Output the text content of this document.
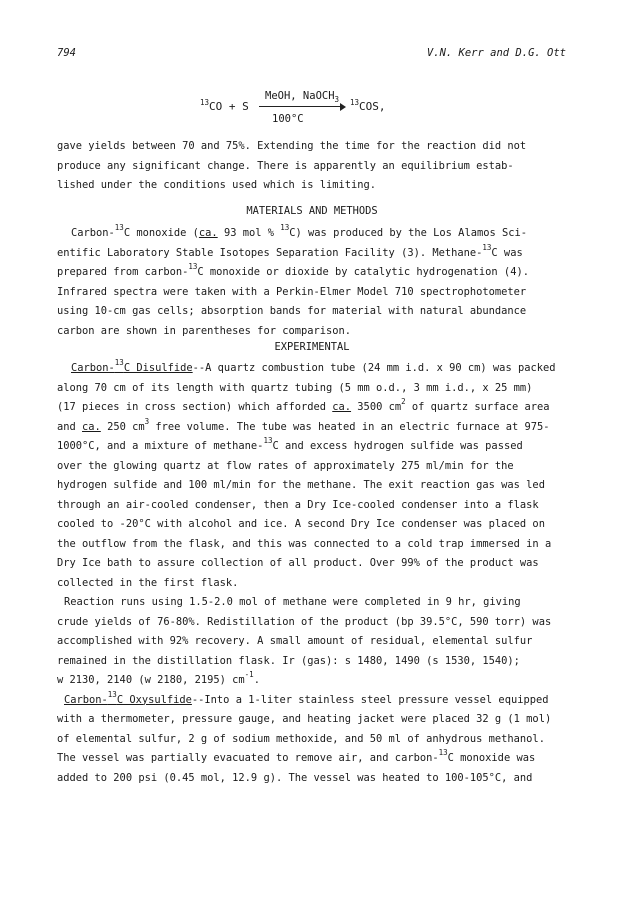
794	V.N. Kerr and D.G. Ott
$^{13}$CO + S
MeOH, NaOCH$_3$
100°C
$^{13}$COS,
gave yields between 70 and 75%. Extending the time for the reaction did not
produce any significant change. There is apparently an equilibrium estab-
lished under the conditions used which is limiting.
MATERIALS AND METHODS
Carbon-$^{13}$C monoxide (ca. 93 mol % $^{13}$C) was produced by the Los Alamos Sci-
entific Laboratory Stable Isotopes Separation Facility (3). Methane-$^{13}$C was
prepared from carbon-$^{13}$C monoxide or dioxide by catalytic hydrogenation (4).
Infrared spectra were taken with a Perkin-Elmer Model 710 spectrophotometer
using 10-cm gas cells; absorption bands for material with natural abundance
carbon are shown in parentheses for comparison.
EXPERIMENTAL
Carbon-$^{13}$C Disulfide--A quartz combustion tube (24 mm i.d. x 90 cm) was packed
along 70 cm of its length with quartz tubing (5 mm o.d., 3 mm i.d., x 25 mm)
(17 pieces in cross section) which afforded ca. 3500 $cm^2$ of quartz surface area
and ca. 250 $cm^3$ free volume. The tube was heated in an electric furnace at 975-
1000°C, and a mixture of methane-$^{13}$C and excess hydrogen sulfide was passed
over the glowing quartz at flow rates of approximately 275 ml/min for the
hydrogen sulfide and 100 ml/min for the methane. The exit reaction gas was led
through an air-cooled condenser, then a Dry Ice-cooled condenser into a flask
cooled to -20°C with alcohol and ice. A second Dry Ice condenser was placed on
the outflow from the flask, and this was connected to a cold trap immersed in a
Dry Ice bath to assure collection of all product. Over 99% of the product was
collected in the first flask.
Reaction runs using 1.5-2.0 mol of methane were completed in 9 hr, giving
crude yields of 76-80%. Redistillation of the product (bp 39.5°C, 590 torr) was
accomplished with 92% recovery. A small amount of residual, elemental sulfur
remained in the distillation flask. Ir (gas): s 1480, 1490 (s 1530, 1540);
w 2130, 2140 (w 2180, 2195) $cm^{-1}$.
Carbon-$^{13}$C Oxysulfide--Into a 1-liter stainless steel pressure vessel equipped
with a thermometer, pressure gauge, and heating jacket were placed 32 g (1 mol)
of elemental sulfur, 2 g of sodium methoxide, and 50 ml of anhydrous methanol.
The vessel was partially evacuated to remove air, and carbon-$^{13}$C monoxide was
added to 200 psi (0.45 mol, 12.9 g). The vessel was heated to 100-105°C, and
